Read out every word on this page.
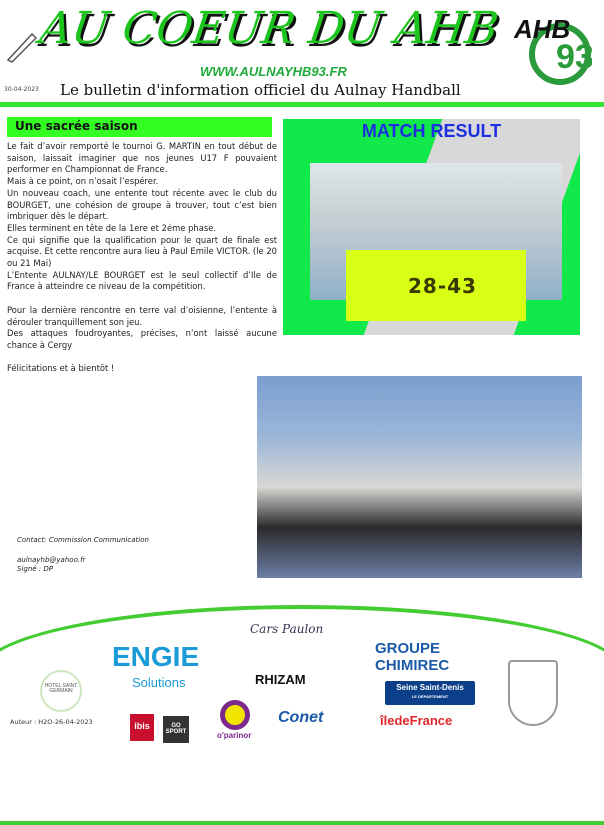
AU COEUR DU AHB
93
AHB
WWW.AULNAYHB93.FR
30-04-2023 Le bulletin d'information officiel du Aulnay Handball
Une sacrée saison

Le fait d’avoir remporté le tournoi G. MARTIN en tout début de saison, laissait imaginer que nos jeunes U17 F pouvaient performer en Championnat de France.

Mais à ce point, on n’osait l’espérer.

Un nouveau coach, une entente tout récente avec le club du BOURGET, une cohésion de groupe à trouver, tout c’est bien imbriquer dès le départ.

Elles terminent en tête de la 1ere et 2éme phase.

Ce qui signifie que la qualification pour le quart de finale est acquise. Et cette rencontre aura lieu à Paul Emile VICTOR. (le 20 ou 21 Mai)

L’Entente AULNAY/LE BOURGET est le seul collectif d’Ile de France à atteindre ce niveau de la compétition.

Pour la dernière rencontre en terre val d’oisienne, l’entente à dérouler tranquillement son jeu.

Des attaques foudroyantes, précises, n’ont laissé aucune chance à Cergy

Félicitations et à bientôt !

MATCH RESULT
28-43
Contact: Commission Communication
aulnayhb@yahoo.fr
Signé : DP
HOTEL SAINT GERMAIN
ENGIE
Solutions
Cars Paulon
RHIZAM
GROUPE
CHIMIREC
Seine Saint-Denis
LE DÉPARTEMENT
îledeFrance
ibis	GO SPORT	o'parinor
Conet
Auteur : H2O-26-04-2023
